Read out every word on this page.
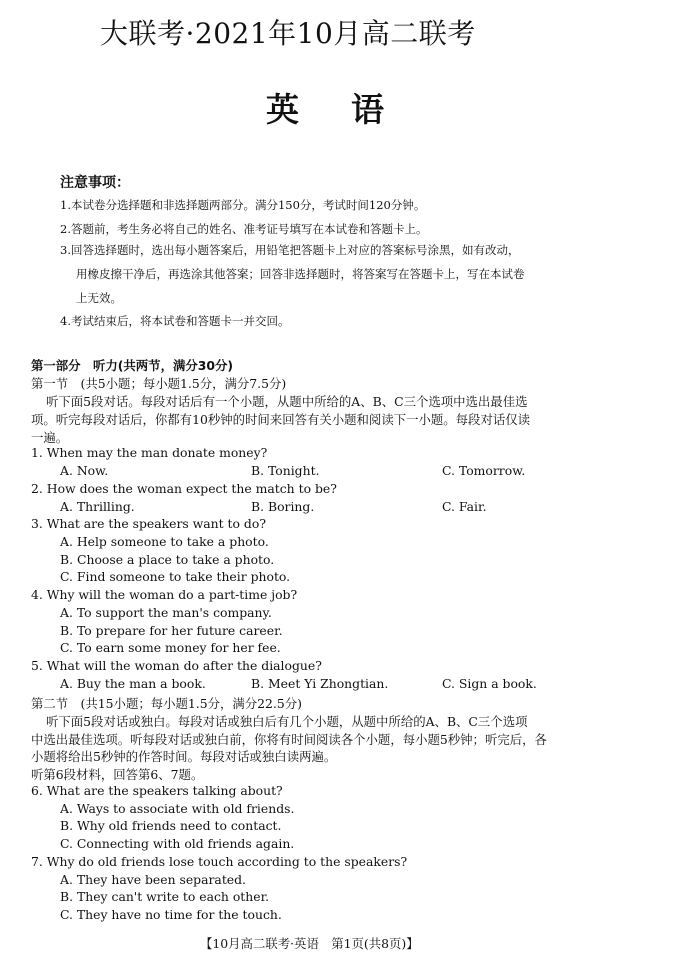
大联考·2021年10月高二联考
英语
注意事项：
1.本试卷分选择题和非选择题两部分。满分150分，考试时间120分钟。
2.答题前，考生务必将自己的姓名、准考证号填写在本试卷和答题卡上。
3.回答选择题时，选出每小题答案后，用铅笔把答题卡上对应的答案标号涂黑，如有改动，
用橡皮擦干净后，再选涂其他答案；回答非选择题时，将答案写在答题卡上，写在本试卷
上无效。
4.考试结束后，将本试卷和答题卡一并交回。
第一部分　听力(共两节，满分30分)
第一节　(共5小题；每小题1.5分，满分7.5分)
听下面5段对话。每段对话后有一个小题，从题中所给的A、B、C三个选项中选出最佳选
项。听完每段对话后，你都有10秒钟的时间来回答有关小题和阅读下一小题。每段对话仅读
一遍。
1. When may the man donate money?
A. Now.	B. Tonight.	C. Tomorrow.
2. How does the woman expect the match to be?
A. Thrilling.	B. Boring.	C. Fair.
3. What are the speakers want to do?
A. Help someone to take a photo.
B. Choose a place to take a photo.
C. Find someone to take their photo.
4. Why will the woman do a part-time job?
A. To support the man's company.
B. To prepare for her future career.
C. To earn some money for her fee.
5. What will the woman do after the dialogue?
A. Buy the man a book.	B. Meet Yi Zhongtian.	C. Sign a book.
第二节　(共15小题；每小题1.5分，满分22.5分)
听下面5段对话或独白。每段对话或独白后有几个小题，从题中所给的A、B、C三个选项
中选出最佳选项。听每段对话或独白前，你将有时间阅读各个小题，每小题5秒钟；听完后，各
小题将给出5秒钟的作答时间。每段对话或独白读两遍。
听第6段材料，回答第6、7题。
6. What are the speakers talking about?
A. Ways to associate with old friends.
B. Why old friends need to contact.
C. Connecting with old friends again.
7. Why do old friends lose touch according to the speakers?
A. They have been separated.
B. They can't write to each other.
C. They have no time for the touch.
【10月高二联考·英语　第1页(共8页)】
